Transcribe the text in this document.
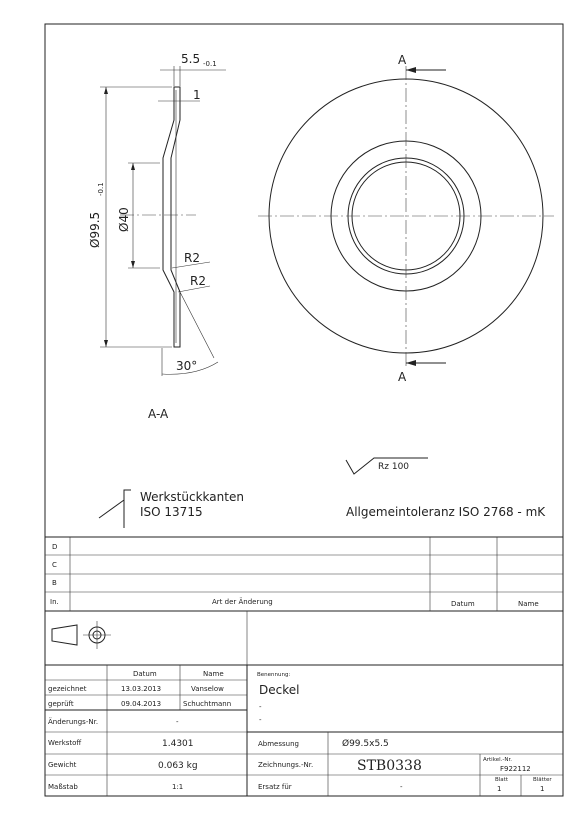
Ø99.5
-0.1
Ø40
5.5 -0.1
1
R2
R2
30°
A-A
A
A
Rz 100
Werkstückkanten
ISO 13715	Allgemeintoleranz ISO 2768 - mK
D
C
B
In.	Art der Änderung	Datum	Name
Datum	Name
gezeichnet	13.03.2013	Vanselow
geprüft	09.04.2013	Schuchtmann
Änderungs-Nr.	-
Werkstoff	1.4301
Gewicht	0.063 kg
Maßstab	1:1
Benennung:
Deckel
-
-
Abmessung	Ø99.5x5.5
Zeichnungs.-Nr.	STB0338
Ersatz für	-
Artikel.-Nr.
F922112
Blatt
1
Blätter
1
